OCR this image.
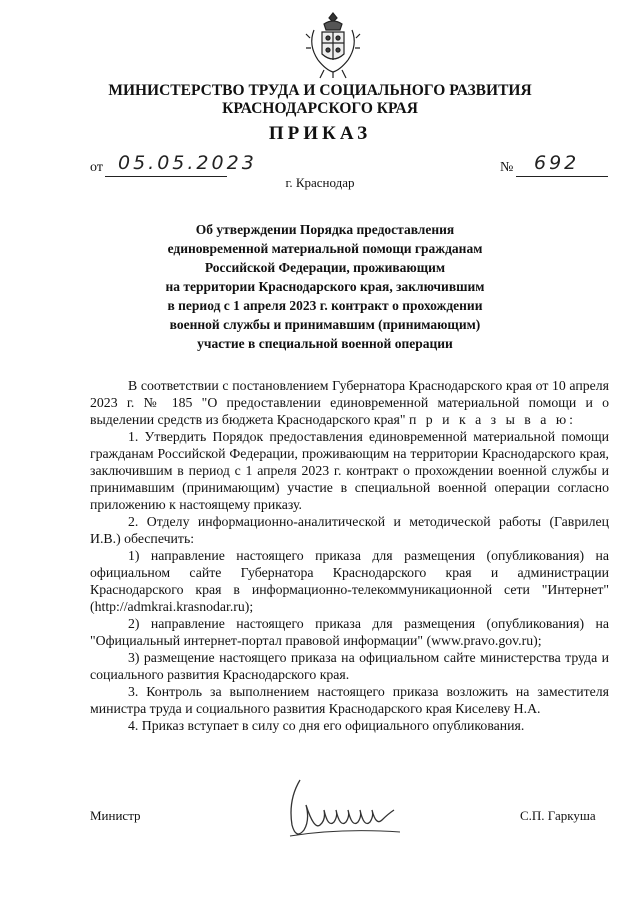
МИНИСТЕРСТВО ТРУДА И СОЦИАЛЬНОГО РАЗВИТИЯ
КРАСНОДАРСКОГО КРАЯ
ПРИКАЗ
от 05.05.2023	№ 692
г. Краснодар
Об утверждении Порядка предоставления
единовременной материальной помощи гражданам
Российской Федерации, проживающим
на территории Краснодарского края, заключившим
в период с 1 апреля 2023 г. контракт о прохождении
военной службы и принимавшим (принимающим)
участие в специальной военной операции

В соответствии с постановлением Губернатора Краснодарского края от 10 апреля 2023 г. № 185 "О предоставлении единовременной материальной помощи и о выделении средств из бюджета Краснодарского края" п р и к а з ы в а ю:

1. Утвердить Порядок предоставления единовременной материальной помощи гражданам Российской Федерации, проживающим на территории Краснодарского края, заключившим в период с 1 апреля 2023 г. контракт о прохождении военной службы и принимавшим (принимающим) участие в специальной военной операции согласно приложению к настоящему приказу.

2. Отделу информационно-аналитической и методической работы (Гаврилец И.В.) обеспечить:

1) направление настоящего приказа для размещения (опубликования) на официальном сайте Губернатора Краснодарского края и администрации Краснодарского края в информационно-телекоммуникационной сети "Интернет" (http://admkrai.krasnodar.ru);

2) направление настоящего приказа для размещения (опубликования) на "Официальный интернет-портал правовой информации" (www.pravo.gov.ru);

3) размещение настоящего приказа на официальном сайте министерства труда и социального развития Краснодарского края.

3. Контроль за выполнением настоящего приказа возложить на заместителя министра труда и социального развития Краснодарского края Киселеву Н.А.

4. Приказ вступает в силу со дня его официального опубликования.

Министр	С.П. Гаркуша
